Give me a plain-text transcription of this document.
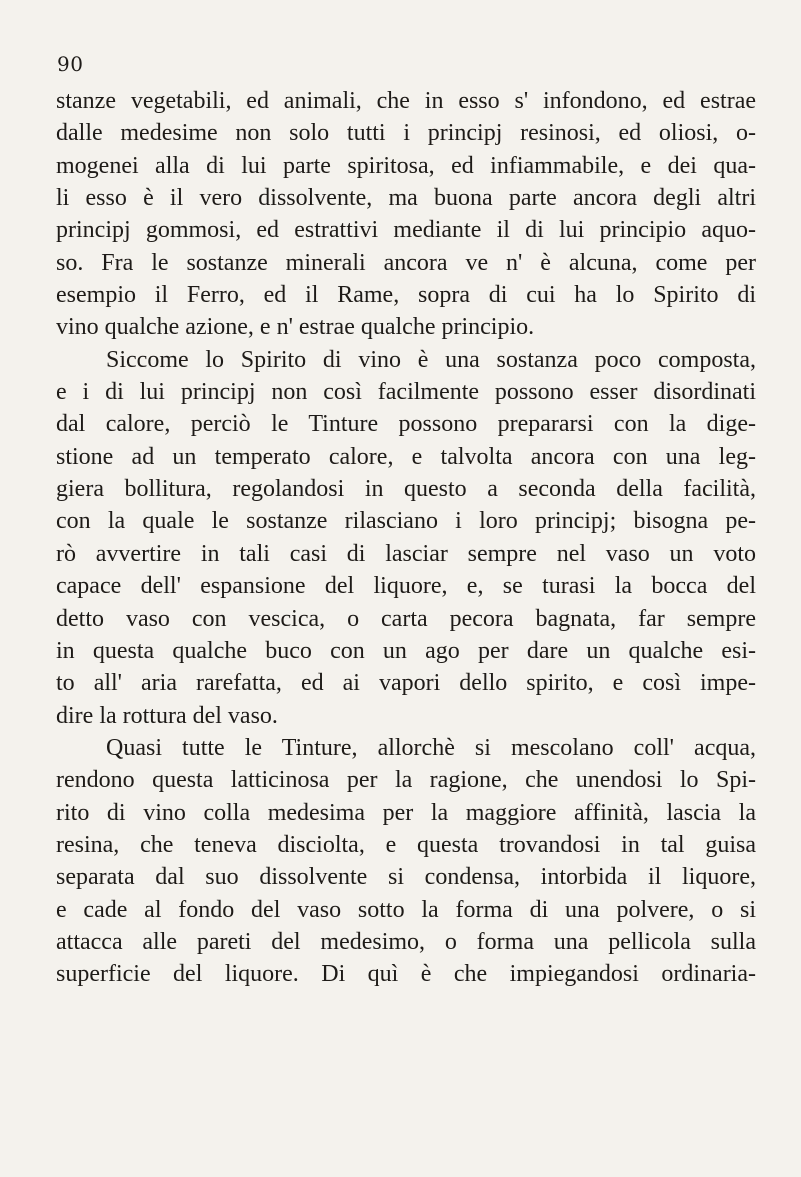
90
stanze vegetabili, ed animali, che in esso s' infondono, ed estrae
dalle medesime non solo tutti i principj resinosi, ed oliosi, o-
mogenei alla di lui parte spiritosa, ed infiammabile, e dei qua-
li esso è il vero dissolvente, ma buona parte ancora degli altri
principj gommosi, ed estrattivi mediante il di lui principio aquo-
so. Fra le sostanze minerali ancora ve n' è alcuna, come per
esempio il Ferro, ed il Rame, sopra di cui ha lo Spirito di
vino qualche azione, e n' estrae qualche principio.
Siccome lo Spirito di vino è una sostanza poco composta,
e i di lui principj non così facilmente possono esser disordinati
dal calore, perciò le Tinture possono prepararsi con la dige-
stione ad un temperato calore, e talvolta ancora con una leg-
giera bollitura, regolandosi in questo a seconda della facilità,
con la quale le sostanze rilasciano i loro principj; bisogna pe-
rò avvertire in tali casi di lasciar sempre nel vaso un voto
capace dell' espansione del liquore, e, se turasi la bocca del
detto vaso con vescica, o carta pecora bagnata, far sempre
in questa qualche buco con un ago per dare un qualche esi-
to all' aria rarefatta, ed ai vapori dello spirito, e così impe-
dire la rottura del vaso.
Quasi tutte le Tinture, allorchè si mescolano coll' acqua,
rendono questa latticinosa per la ragione, che unendosi lo Spi-
rito di vino colla medesima per la maggiore affinità, lascia la
resina, che teneva disciolta, e questa trovandosi in tal guisa
separata dal suo dissolvente si condensa, intorbida il liquore,
e cade al fondo del vaso sotto la forma di una polvere, o si
attacca alle pareti del medesimo, o forma una pellicola sulla
superficie del liquore. Di quì è che impiegandosi ordinaria-
